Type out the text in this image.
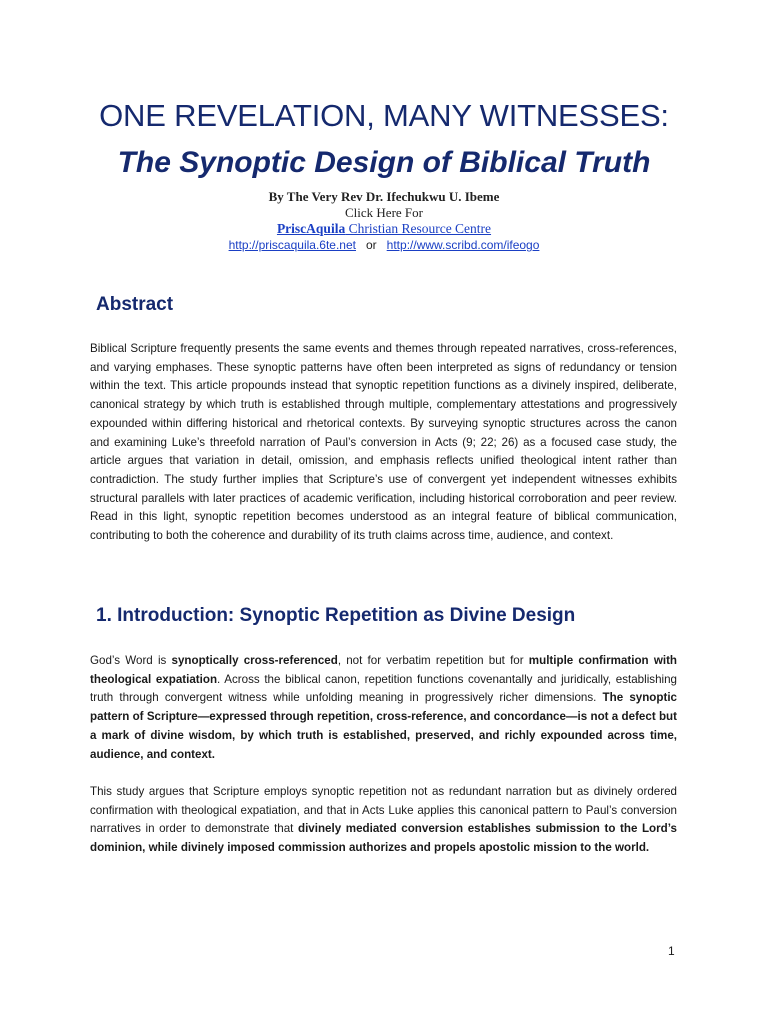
ONE REVELATION, MANY WITNESSES:
The Synoptic Design of Biblical Truth
By The Very Rev Dr. Ifechukwu U. Ibeme
Click Here For
PriscAquila Christian Resource Centre
http://priscaquila.6te.net or http://www.scribd.com/ifeogo
Abstract
Biblical Scripture frequently presents the same events and themes through repeated narratives, cross-references, and varying emphases. These synoptic patterns have often been interpreted as signs of redundancy or tension within the text. This article propounds instead that synoptic repetition functions as a divinely inspired, deliberate, canonical strategy by which truth is established through multiple, complementary attestations and progressively expounded within differing historical and rhetorical contexts. By surveying synoptic structures across the canon and examining Luke’s threefold narration of Paul’s conversion in Acts (9; 22; 26) as a focused case study, the article argues that variation in detail, omission, and emphasis reflects unified theological intent rather than contradiction. The study further implies that Scripture’s use of convergent yet independent witnesses exhibits structural parallels with later practices of academic verification, including historical corroboration and peer review. Read in this light, synoptic repetition becomes understood as an integral feature of biblical communication, contributing to both the coherence and durability of its truth claims across time, audience, and context.
1. Introduction: Synoptic Repetition as Divine Design
God’s Word is synoptically cross-referenced, not for verbatim repetition but for multiple confirmation with theological expatiation. Across the biblical canon, repetition functions covenantally and juridically, establishing truth through convergent witness while unfolding meaning in progressively richer dimensions. The synoptic pattern of Scripture—expressed through repetition, cross-reference, and concordance—is not a defect but a mark of divine wisdom, by which truth is established, preserved, and richly expounded across time, audience, and context.
This study argues that Scripture employs synoptic repetition not as redundant narration but as divinely ordered confirmation with theological expatiation, and that in Acts Luke applies this canonical pattern to Paul’s conversion narratives in order to demonstrate that divinely mediated conversion establishes submission to the Lord’s dominion, while divinely imposed commission authorizes and propels apostolic mission to the world.
1
